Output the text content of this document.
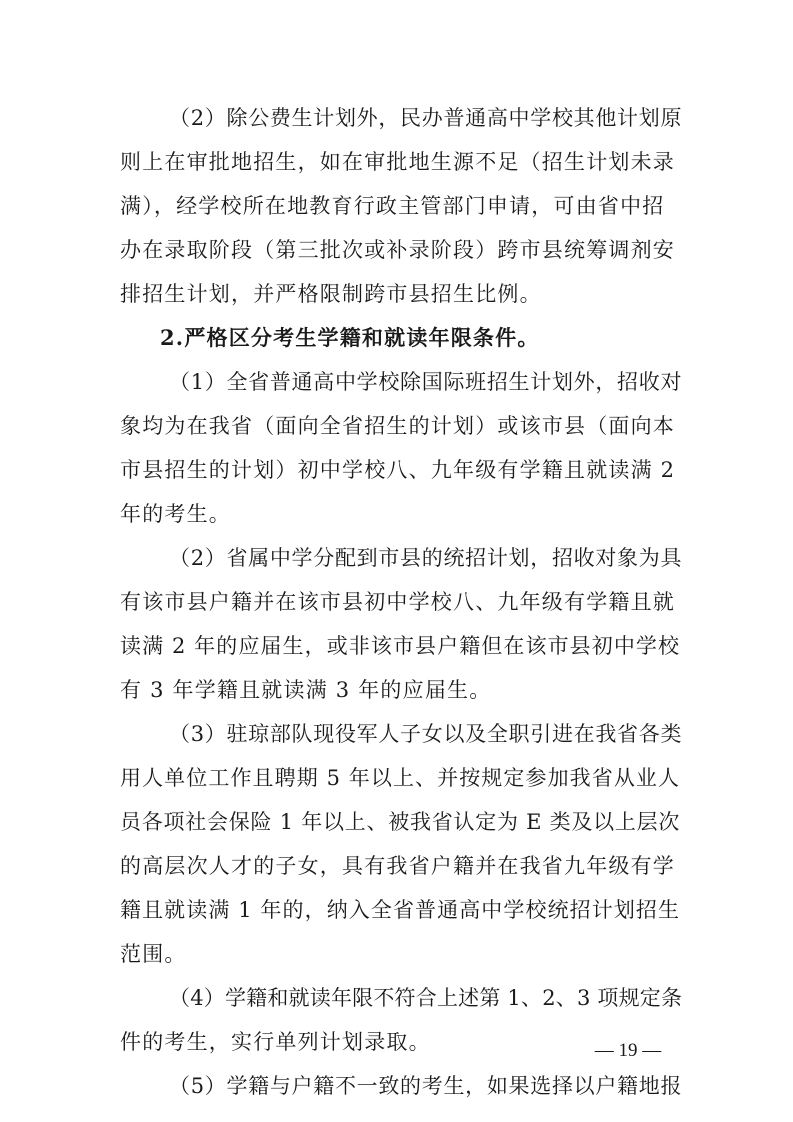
（2）除公费生计划外，民办普通高中学校其他计划原
则上在审批地招生，如在审批地生源不足（招生计划未录
满），经学校所在地教育行政主管部门申请，可由省中招
办在录取阶段（第三批次或补录阶段）跨市县统筹调剂安
排招生计划，并严格限制跨市县招生比例。
2.严格区分考生学籍和就读年限条件。
（1）全省普通高中学校除国际班招生计划外，招收对
象均为在我省（面向全省招生的计划）或该市县（面向本
市县招生的计划）初中学校八、九年级有学籍且就读满 2
年的考生。
（2）省属中学分配到市县的统招计划，招收对象为具
有该市县户籍并在该市县初中学校八、九年级有学籍且就
读满 2 年的应届生，或非该市县户籍但在该市县初中学校
有 3 年学籍且就读满 3 年的应届生。
（3）驻琼部队现役军人子女以及全职引进在我省各类
用人单位工作且聘期 5 年以上、并按规定参加我省从业人
员各项社会保险 1 年以上、被我省认定为 E 类及以上层次
的高层次人才的子女，具有我省户籍并在我省九年级有学
籍且就读满 1 年的，纳入全省普通高中学校统招计划招生
范围。
（4）学籍和就读年限不符合上述第 1、2、3 项规定条
件的考生，实行单列计划录取。
（5）学籍与户籍不一致的考生，如果选择以户籍地报
— 19 —
